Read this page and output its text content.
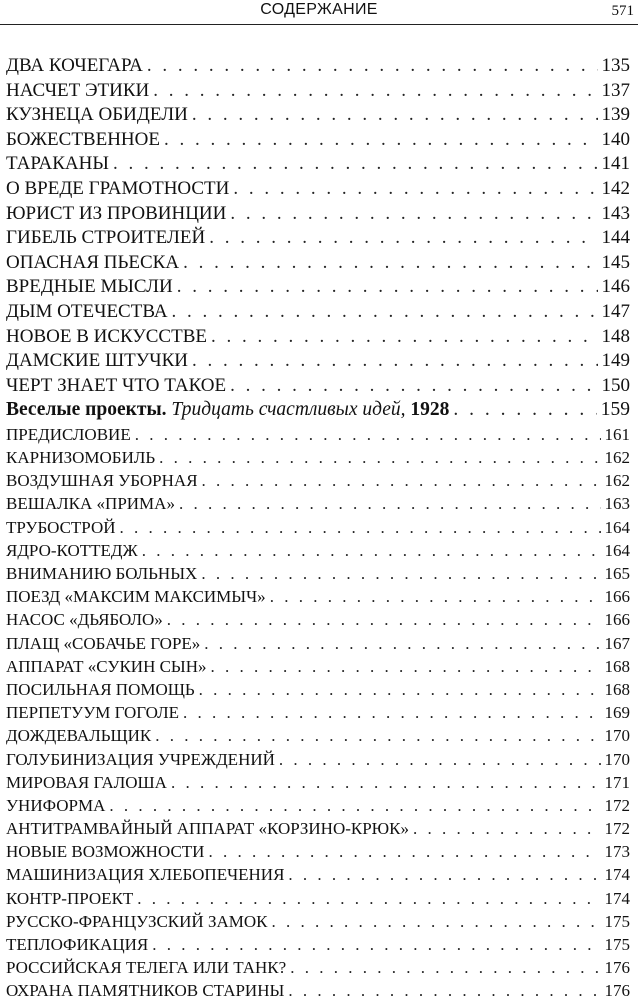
СОДЕРЖАНИЕ	571
ДВА КОЧЕГАРА . . .	135
НАСЧЕТ ЭТИКИ . . .	137
КУЗНЕЦА ОБИДЕЛИ . . .	139
БОЖЕСТВЕННОЕ . . .	140
ТАРАКАНЫ . . .	141
О ВРЕДЕ ГРАМОТНОСТИ . . .	142
ЮРИСТ ИЗ ПРОВИНЦИИ . . .	143
ГИБЕЛЬ СТРОИТЕЛЕЙ . . .	144
ОПАСНАЯ ПЬЕСКА . . .	145
ВРЕДНЫЕ МЫСЛИ . . .	146
ДЫМ ОТЕЧЕСТВА . . .	147
НОВОЕ В ИСКУССТВЕ . . .	148
ДАМСКИЕ ШТУЧКИ . . .	149
ЧЕРТ ЗНАЕТ ЧТО ТАКОЕ . . .	150
Веселые проекты. Тридцать счастливых идей, 1928 . . .	159
ПРЕДИСЛОВИЕ . . .	161
КАРНИЗОМОБИЛЬ . . .	162
ВОЗДУШНАЯ УБОРНАЯ . . .	162
ВЕШАЛКА «ПРИМА» . . .	163
ТРУБОСТРОЙ . . .	164
ЯДРО-КОТТЕДЖ . . .	164
ВНИМАНИЮ БОЛЬНЫХ . . .	165
ПОЕЗД «МАКСИМ МАКСИМЫЧ» . . .	166
НАСОС «ДЬЯБОЛО» . . .	166
ПЛАЩ «СОБАЧЬЕ ГОРЕ» . . .	167
АППАРАТ «СУКИН СЫН» . . .	168
ПОСИЛЬНАЯ ПОМОЩЬ . . .	168
ПЕРПЕТУУМ ГОГОЛЕ . . .	169
ДОЖДЕВАЛЬЩИК . . .	170
ГОЛУБИНИЗАЦИЯ УЧРЕЖДЕНИЙ . . .	170
МИРОВАЯ ГАЛОША . . .	171
УНИФОРМА . . .	172
АНТИТРАМВАЙНЫЙ АППАРАТ «КОРЗИНО-КРЮК» . . .	172
НОВЫЕ ВОЗМОЖНОСТИ . . .	173
МАШИНИЗАЦИЯ ХЛЕБОПЕЧЕНИЯ . . .	174
КОНТР-ПРОЕКТ . . .	174
РУССКО-ФРАНЦУЗСКИЙ ЗАМОК . . .	175
ТЕПЛОФИКАЦИЯ . . .	175
РОССИЙСКАЯ ТЕЛЕГА ИЛИ ТАНК? . . .	176
ОХРАНА ПАМЯТНИКОВ СТАРИНЫ . . .	176
